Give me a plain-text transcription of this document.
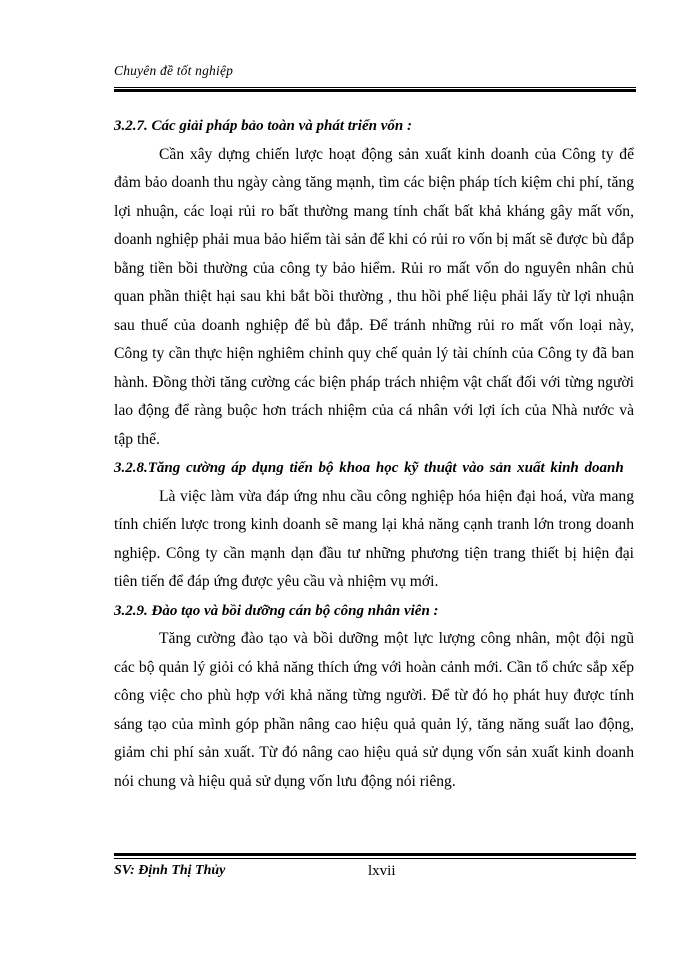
Chuyên đề tốt nghiệp

3.2.7. Các giải pháp bảo toàn và phát triển vốn :

Cần xây dựng chiến lược hoạt động sản xuất kinh doanh của Công ty để đảm bảo doanh thu ngày càng tăng mạnh, tìm các biện pháp tích kiệm chi phí, tăng lợi nhuận, các loại rủi ro bất thường mang tính chất bất khả kháng gây mất vốn, doanh nghiệp phải mua bảo hiểm tài sản để khi có rủi ro vốn bị mất sẽ được bù đắp bằng tiền bồi thường của công ty bảo hiểm. Rủi ro mất vốn do nguyên nhân chủ quan phần thiệt hại sau khi bắt bồi thường , thu hồi phế liệu phải lấy từ lợi nhuận sau thuế của doanh nghiệp để bù đắp. Để tránh những rủi ro mất vốn loại này, Công ty cần thực hiện nghiêm chỉnh quy chế quản lý tài chính của Công ty đã ban hành. Đồng thời tăng cường các biện pháp trách nhiệm vật chất đối với từng người lao động để ràng buộc hơn trách nhiệm của cá nhân với lợi ích của Nhà nước và tập thể.

3.2.8.Tăng cường áp dụng tiến bộ khoa học kỹ thuật vào sản xuất kinh doanh

Là việc làm vừa đáp ứng nhu cầu công nghiệp hóa hiện đại hoá, vừa mang tính chiến lược trong kinh doanh sẽ mang lại khả năng cạnh tranh lớn trong doanh nghiệp. Công ty cần mạnh dạn đầu tư những phương tiện trang thiết bị hiện đại tiên tiến để đáp ứng được yêu cầu và nhiệm vụ mới.

3.2.9. Đào tạo và bồi dưỡng cán bộ công nhân viên :

Tăng cường đào tạo và bồi dưỡng một lực lượng công nhân, một đội ngũ các bộ quản lý giỏi có khả năng thích ứng với hoàn cảnh mới. Cần tổ chức sắp xếp công việc cho phù hợp với khả năng từng người. Để từ đó họ phát huy được tính sáng tạo của mình góp phần nâng cao hiệu quả quản lý, tăng năng suất lao động, giảm chi phí sản xuất. Từ đó nâng cao hiệu quả sử dụng vốn sản xuất kinh doanh nói chung và hiệu quả sử dụng vốn lưu động nói riêng.

SV: Định Thị Thủy	lxvii
